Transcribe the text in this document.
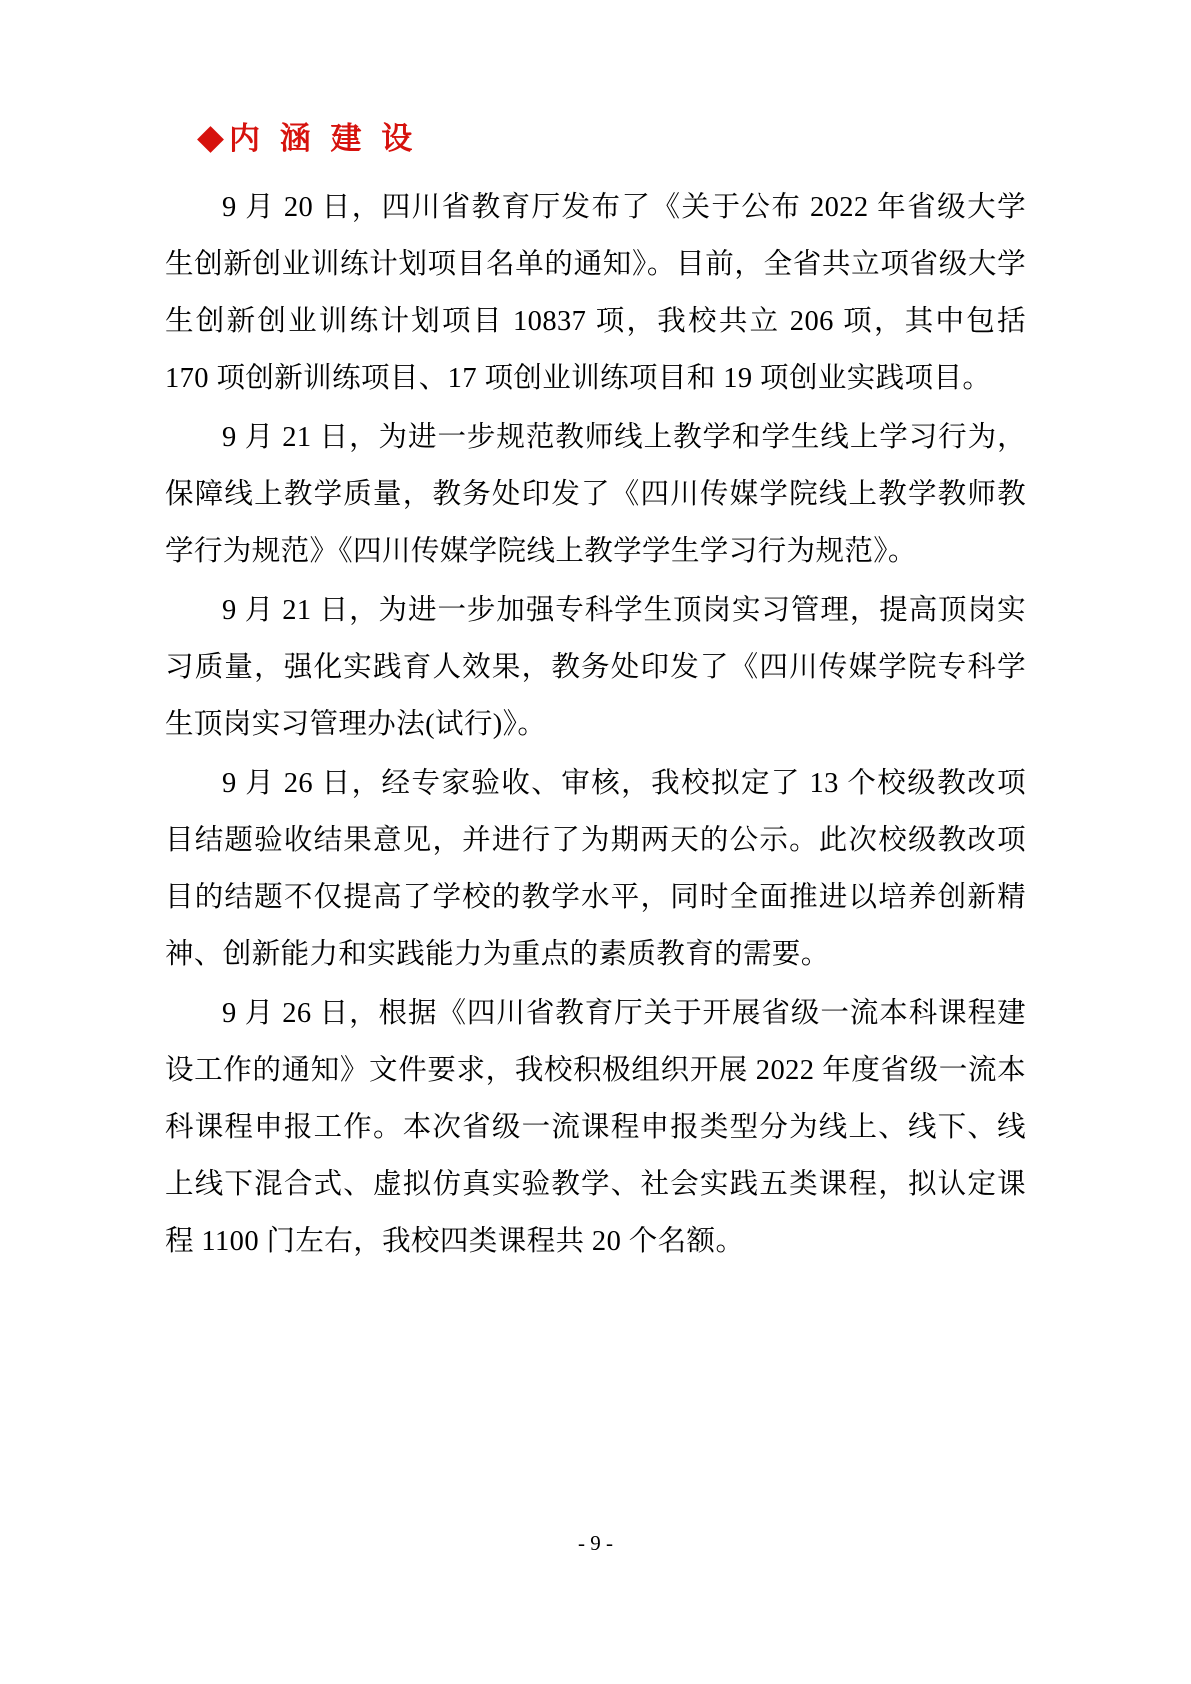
内 涵 建 设

9 月 20 日，四川省教育厅发布了《关于公布 2022 年省级大学生创新创业训练计划项目名单的通知》。目前，全省共立项省级大学生创新创业训练计划项目 10837 项，我校共立 206 项，其中包括 170 项创新训练项目、17 项创业训练项目和 19 项创业实践项目。

9 月 21 日，为进一步规范教师线上教学和学生线上学习行为，保障线上教学质量，教务处印发了《四川传媒学院线上教学教师教学行为规范》《四川传媒学院线上教学学生学习行为规范》。

9 月 21 日，为进一步加强专科学生顶岗实习管理，提高顶岗实习质量，强化实践育人效果，教务处印发了《四川传媒学院专科学生顶岗实习管理办法(试行)》。

9 月 26 日，经专家验收、审核，我校拟定了 13 个校级教改项目结题验收结果意见，并进行了为期两天的公示。此次校级教改项目的结题不仅提高了学校的教学水平，同时全面推进以培养创新精神、创新能力和实践能力为重点的素质教育的需要。

9 月 26 日，根据《四川省教育厅关于开展省级一流本科课程建设工作的通知》文件要求，我校积极组织开展 2022 年度省级一流本科课程申报工作。本次省级一流课程申报类型分为线上、线下、线上线下混合式、虚拟仿真实验教学、社会实践五类课程，拟认定课程 1100 门左右，我校四类课程共 20 个名额。

- 9 -
